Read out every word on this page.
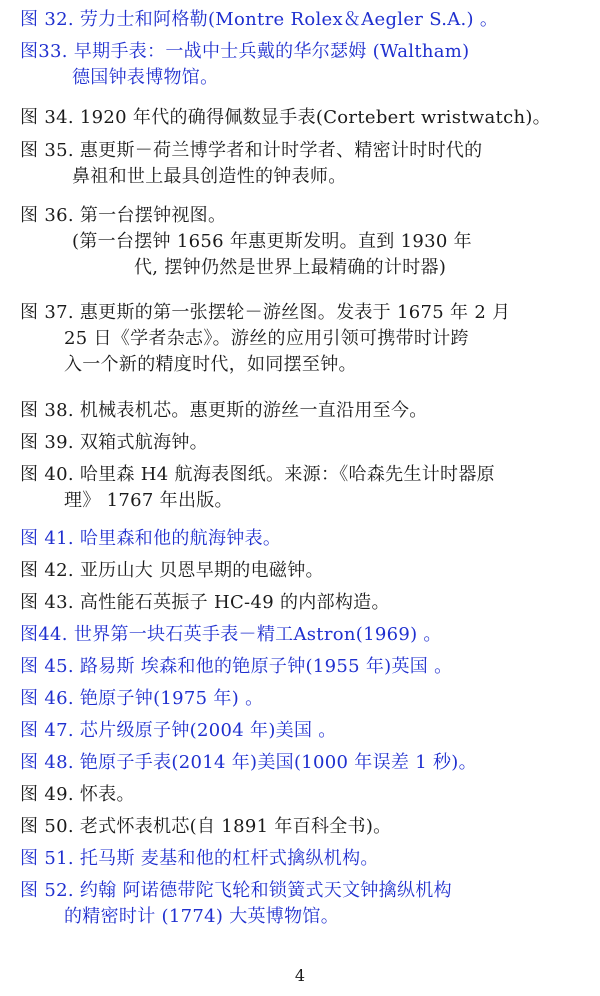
图 32. 劳力士和阿格勒(Montre Rolex＆Aegler S.A.) 。
图33. 早期手表：一战中士兵戴的华尔瑟姆 (Waltham)
德国钟表博物馆。
图 34. 1920 年代的确得佩数显手表(Cortebert wristwatch)。
图 35. 惠更斯－荷兰博学者和计时学者、精密计时时代的
鼻祖和世上最具创造性的钟表师。
图 36. 第一台摆钟视图。
(第一台摆钟 1656 年惠更斯发明。直到 1930 年
代, 摆钟仍然是世界上最精确的计时器)
图 37. 惠更斯的第一张摆轮－游丝图。发表于 1675 年 2 月
25 日《学者杂志》。游丝的应用引领可携带时计跨
入一个新的精度时代，如同摆至钟。
图 38. 机械表机芯。惠更斯的游丝一直沿用至今。
图 39. 双箱式航海钟。
图 40. 哈里森 H4 航海表图纸。来源：《哈森先生计时器原
理》 1767 年出版。
图 41. 哈里森和他的航海钟表。
图 42. 亚历山大 贝恩早期的电磁钟。
图 43. 高性能石英振子 HC-49 的内部构造。
图44. 世界第一块石英手表－精工Astron(1969) 。
图 45. 路易斯 埃森和他的铯原子钟(1955 年)英国 。
图 46. 铯原子钟(1975 年) 。
图 47. 芯片级原子钟(2004 年)美国 。
图 48. 铯原子手表(2014 年)美国(1000 年误差 1 秒)。
图 49. 怀表。
图 50. 老式怀表机芯(自 1891 年百科全书)。
图 51. 托马斯 麦基和他的杠杆式擒纵机构。
图 52. 约翰 阿诺德带陀飞轮和锁簧式天文钟擒纵机构
的精密时计 (1774) 大英博物馆。
4
